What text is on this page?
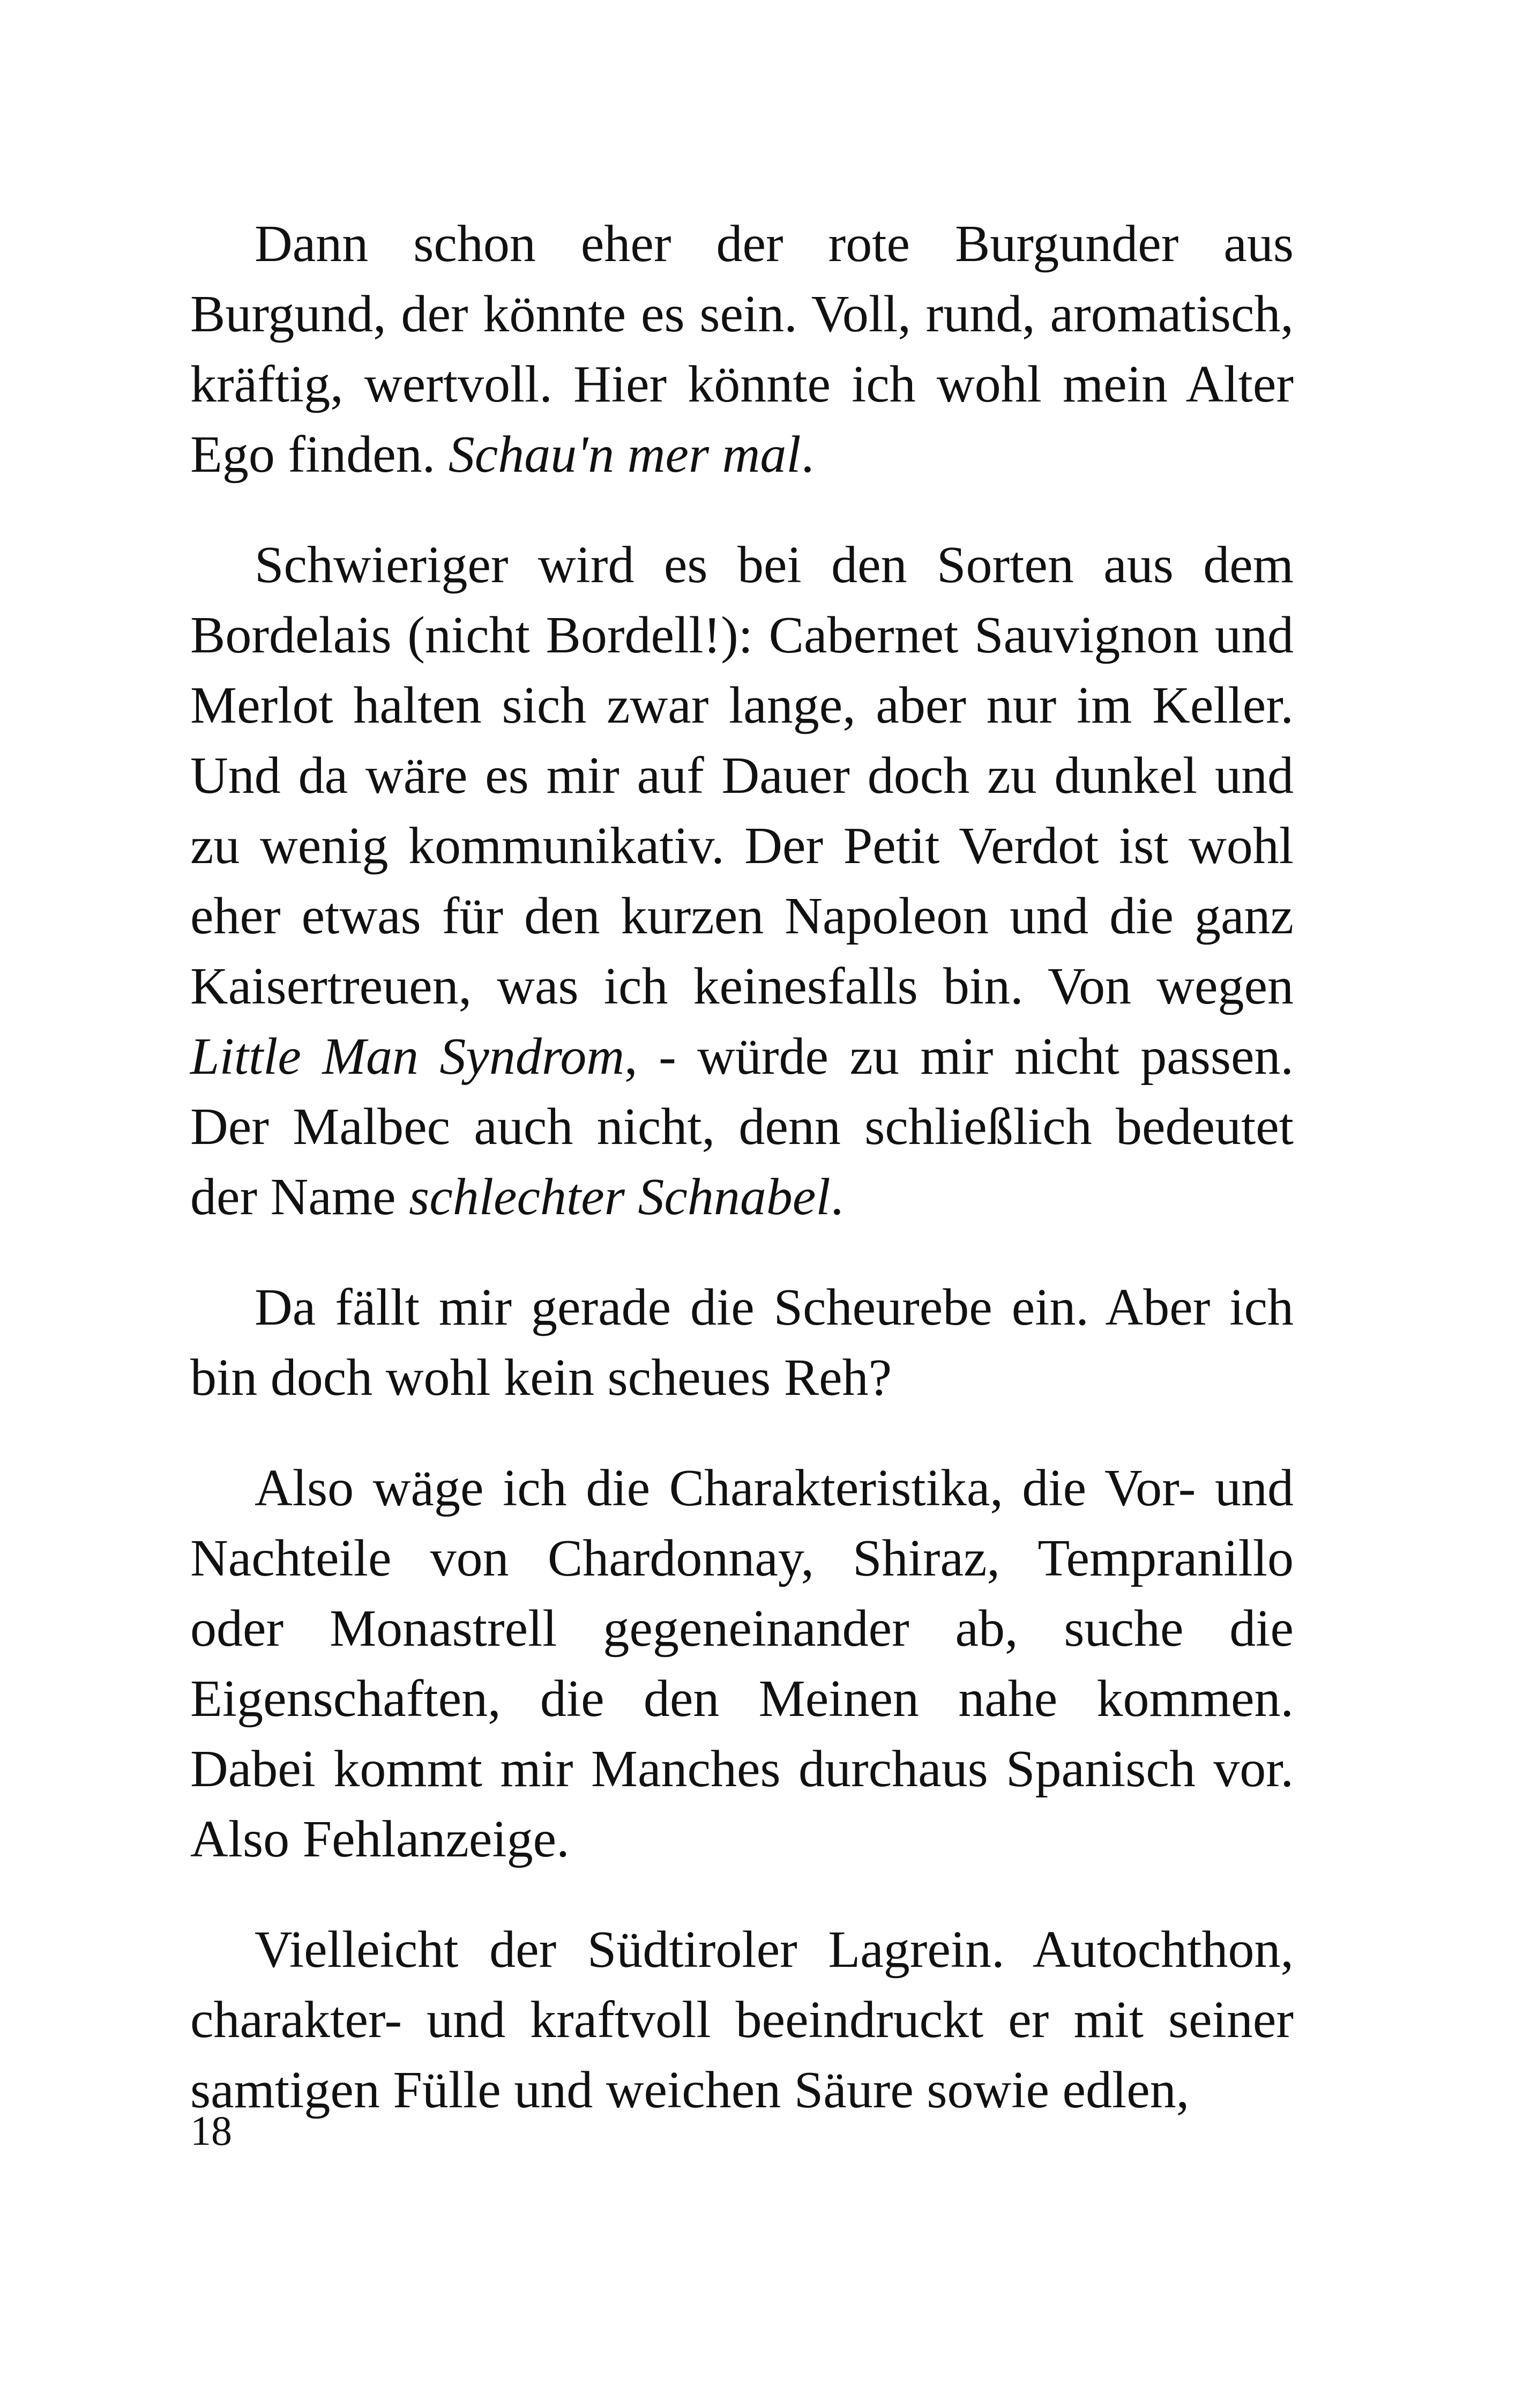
Dann schon eher der rote Burgunder aus Burgund, der könnte es sein. Voll, rund, aromatisch, kräftig, wertvoll. Hier könnte ich wohl mein Alter Ego finden. Schau'n mer mal.

Schwieriger wird es bei den Sorten aus dem Bordelais (nicht Bordell!): Cabernet Sauvignon und Merlot halten sich zwar lange, aber nur im Keller. Und da wäre es mir auf Dauer doch zu dunkel und zu wenig kommunikativ. Der Petit Verdot ist wohl eher etwas für den kurzen Napoleon und die ganz Kaisertreuen, was ich keinesfalls bin. Von wegen Little Man Syndrom, - würde zu mir nicht passen. Der Malbec auch nicht, denn schließlich bedeutet der Name schlechter Schnabel.

Da fällt mir gerade die Scheurebe ein. Aber ich bin doch wohl kein scheues Reh?

Also wäge ich die Charakteristika, die Vor- und Nachteile von Chardonnay, Shiraz, Tempranillo oder Monastrell gegeneinander ab, suche die Eigenschaften, die den Meinen nahe kommen. Dabei kommt mir Manches durchaus Spanisch vor. Also Fehlanzeige.

Vielleicht der Südtiroler Lagrein. Autochthon, charakter- und kraftvoll beeindruckt er mit seiner samtigen Fülle und weichen Säure sowie edlen,

18
